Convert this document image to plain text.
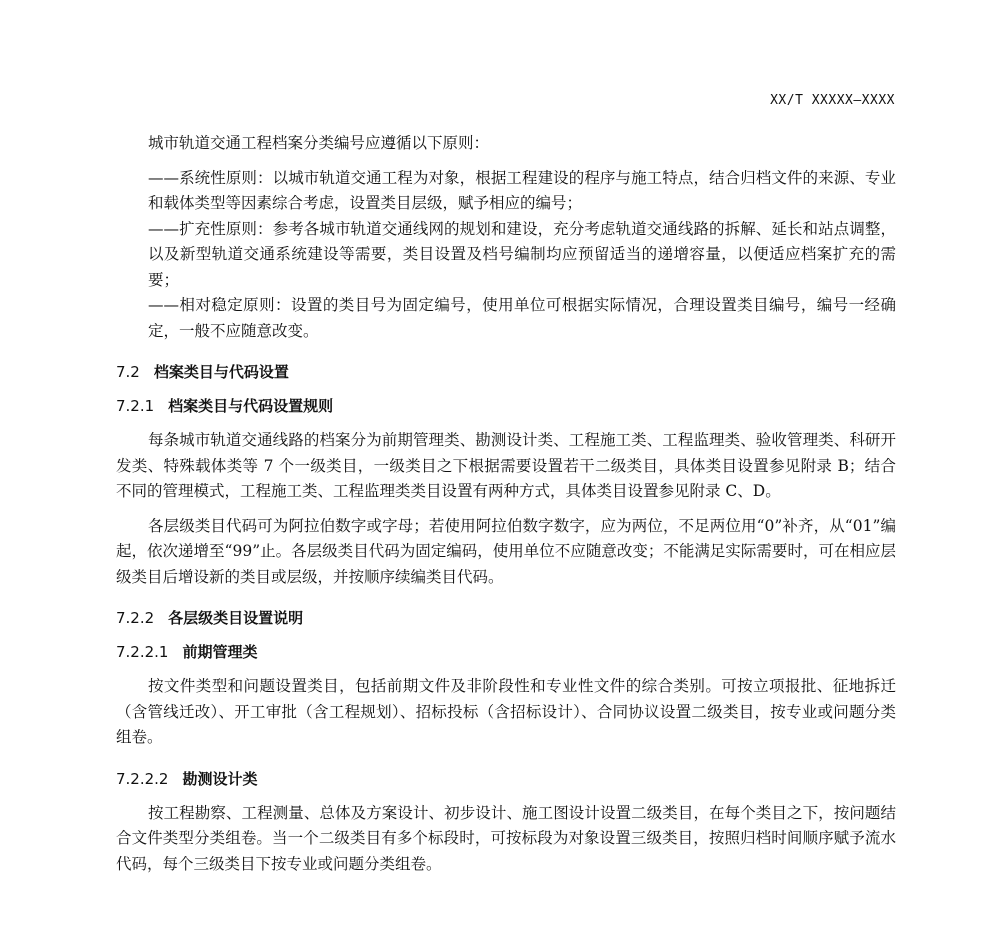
XX/T XXXXX—XXXX

城市轨道交通工程档案分类编号应遵循以下原则：

——系统性原则：以城市轨道交通工程为对象，根据工程建设的程序与施工特点，结合归档文件的来源、专业和载体类型等因素综合考虑，设置类目层级，赋予相应的编号；

——扩充性原则：参考各城市轨道交通线网的规划和建设，充分考虑轨道交通线路的拆解、延长和站点调整，以及新型轨道交通系统建设等需要，类目设置及档号编制均应预留适当的递增容量，以便适应档案扩充的需要；

——相对稳定原则：设置的类目号为固定编号，使用单位可根据实际情况，合理设置类目编号，编号一经确定，一般不应随意改变。

7.2 档案类目与代码设置
7.2.1 档案类目与代码设置规则

每条城市轨道交通线路的档案分为前期管理类、勘测设计类、工程施工类、工程监理类、验收管理类、科研开发类、特殊载体类等 7 个一级类目，一级类目之下根据需要设置若干二级类目，具体类目设置参见附录 B；结合不同的管理模式，工程施工类、工程监理类类目设置有两种方式，具体类目设置参见附录 C、D。

各层级类目代码可为阿拉伯数字或字母；若使用阿拉伯数字数字，应为两位，不足两位用“0”补齐，从“01”编起，依次递增至“99”止。各层级类目代码为固定编码，使用单位不应随意改变；不能满足实际需要时，可在相应层级类目后增设新的类目或层级，并按顺序续编类目代码。

7.2.2 各层级类目设置说明
7.2.2.1 前期管理类

按文件类型和问题设置类目，包括前期文件及非阶段性和专业性文件的综合类别。可按立项报批、征地拆迁（含管线迁改）、开工审批（含工程规划）、招标投标（含招标设计）、合同协议设置二级类目，按专业或问题分类组卷。

7.2.2.2 勘测设计类

按工程勘察、工程测量、总体及方案设计、初步设计、施工图设计设置二级类目，在每个类目之下，按问题结合文件类型分类组卷。当一个二级类目有多个标段时，可按标段为对象设置三级类目，按照归档时间顺序赋予流水代码，每个三级类目下按专业或问题分类组卷。
